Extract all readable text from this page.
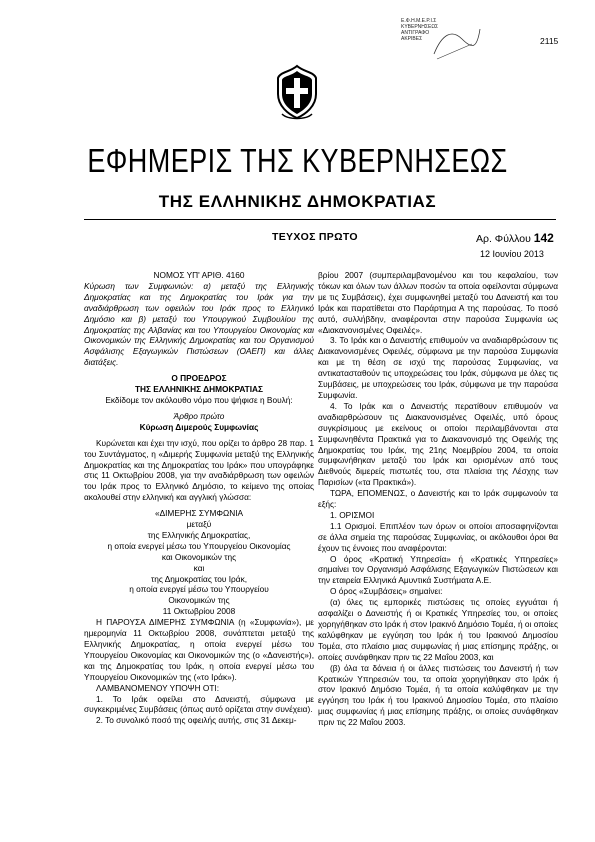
Ε.Φ.Η.Μ.Ε.Ρ.Ι.Σ
ΚΥΒΕΡΝΗΣΕΩΣ
ΑΝΤΙΓΡΑΦΟ
ΑΚΡΙΒΕΣ	2115
ΕΦΗΜΕΡΙΣ ΤΗΣ ΚΥΒΕΡΝΗΣΕΩΣ
ΤΗΣ ΕΛΛΗΝΙΚΗΣ ΔΗΜΟΚΡΑΤΙΑΣ
ΤΕΥΧΟΣ ΠΡΩΤΟ	Αρ. Φύλλου 142
12 Ιουνίου 2013

ΝΟΜΟΣ ΥΠ' ΑΡΙΘ. 4160

Κύρωση των Συμφωνιών: α) μεταξύ της Ελληνικής Δημοκρατίας και της Δημοκρατίας του Ιράκ για την αναδιάρθρωση των οφειλών του Ιράκ προς το Ελληνικό Δημόσιο και β) μεταξύ του Υπουργικού Συμβουλίου της Δημοκρατίας της Αλβανίας και του Υπουργείου Οικονομίας και Οικονομικών της Ελληνικής Δημοκρατίας και του Οργανισμού Ασφάλισης Εξαγωγικών Πιστώσεων (ΟΑΕΠ) και άλλες διατάξεις.

Ο ΠΡΟΕΔΡΟΣ

ΤΗΣ ΕΛΛΗΝΙΚΗΣ ΔΗΜΟΚΡΑΤΙΑΣ

Εκδίδομε τον ακόλουθο νόμο που ψήφισε η Βουλή:

Άρθρο πρώτο

Κύρωση Διμερούς Συμφωνίας

Κυρώνεται και έχει την ισχύ, που ορίζει το άρθρο 28 παρ. 1 του Συντάγματος, η «Διμερής Συμφωνία μεταξύ της Ελληνικής Δημοκρατίας και της Δημοκρατίας του Ιράκ» που υπογράφηκε στις 11 Οκτωβρίου 2008, για την αναδιάρθρωση των οφειλών του Ιράκ προς το Ελληνικό Δημόσιο, το κείμενο της οποίας ακολουθεί στην ελληνική και αγγλική γλώσσα:

«ΔΙΜΕΡΗΣ ΣΥΜΦΩΝΙΑ

μεταξύ

της Ελληνικής Δημοκρατίας,

η οποία ενεργεί μέσω του Υπουργείου Οικονομίας

και Οικονομικών της

και

της Δημοκρατίας του Ιράκ,

η οποία ενεργεί μέσω του Υπουργείου

Οικονομικών της

11 Οκτωβρίου 2008

Η ΠΑΡΟΥΣΑ ΔΙΜΕΡΗΣ ΣΥΜΦΩΝΙΑ (η «Συμφωνία»), με ημερομηνία 11 Οκτωβρίου 2008, συνάπτεται μεταξύ της Ελληνικής Δημοκρατίας, η οποία ενεργεί μέσω του Υπουργείου Οικονομίας και Οικονομικών της (ο «Δανειστής»), και της Δημοκρατίας του Ιράκ, η οποία ενεργεί μέσω του Υπουργείου Οικονομικών της («το Ιράκ»).

ΛΑΜΒΑΝΟΜΕΝΟΥ ΥΠΟΨΗ ΟΤΙ:

1. Το Ιράκ οφείλει στο Δανειστή, σύμφωνα με συγκεκριμένες Συμβάσεις (όπως αυτό ορίζεται στην συνέχεια).

2. Το συνολικό ποσό της οφειλής αυτής, στις 31 Δεκεμ-

βρίου 2007 (συμπεριλαμβανομένου και του κεφαλαίου, των τόκων και όλων των άλλων ποσών τα οποία οφείλονται σύμφωνα με τις Συμβάσεις), έχει συμφωνηθεί μεταξύ του Δανειστή και του Ιράκ και παρατίθεται στο Παράρτημα Α της παρούσας. Το ποσό αυτό, συλλήβδην, αναφέρονται στην παρούσα Συμφωνία ως «Διακανονισμένες Οφειλές».

3. Το Ιράκ και ο Δανειστής επιθυμούν να αναδιαρθρώσουν τις Διακανονισμένες Οφειλές, σύμφωνα με την παρούσα Συμφωνία και με τη θέση σε ισχύ της παρούσας Συμφωνίας, να αντικατασταθούν τις υποχρεώσεις του Ιράκ, σύμφωνα με όλες τις Συμβάσεις, με υποχρεώσεις του Ιράκ, σύμφωνα με την παρούσα Συμφωνία.

4. Το Ιράκ και ο Δανειστής περατίθουν επιθυμούν να αναδιαρθρώσουν τις Διακανονισμένες Οφειλές, υπό όρους συγκρίσιμους με εκείνους οι οποίοι περιλαμβάνονται στα Συμφωνηθέντα Πρακτικά για το Διακανονισμό της Οφειλής της Δημοκρατίας του Ιράκ, της 21ης Νοεμβρίου 2004, τα οποία συμφωνήθηκαν μεταξύ του Ιράκ και ορισμένων από τους Διεθνούς διμερείς πιστωτές του, στα πλαίσια της Λέσχης των Παρισίων («τα Πρακτικά»).

ΤΩΡΑ, ΕΠΟΜΕΝΩΣ, ο Δανειστής και το Ιράκ συμφωνούν τα εξής:

1. ΟΡΙΣΜΟΙ

1.1 Ορισμοί. Επιπλέον των όρων οι οποίοι αποσαφηνίζονται σε άλλα σημεία της παρούσας Συμφωνίας, οι ακόλουθοι όροι θα έχουν τις έννοιες που αναφέρονται:

Ο όρος «Κρατική Υπηρεσία» ή «Κρατικές Υπηρεσίες» σημαίνει τον Οργανισμό Ασφάλισης Εξαγωγικών Πιστώσεων και την εταιρεία Ελληνικά Αμυντικά Συστήματα Α.Ε.

Ο όρος «Συμβάσεις» σημαίνει:

(α) όλες τις εμπορικές πιστώσεις τις οποίες εγγυάται ή ασφαλίζει ο Δανειστής ή οι Κρατικές Υπηρεσίες του, οι οποίες χορηγήθηκαν στο Ιράκ ή στον Ιρακινό Δημόσιο Τομέα, ή οι οποίες καλύφθηκαν με εγγύηση του Ιράκ ή του Ιρακινού Δημοσίου Τομέα, στο πλαίσιο μιας συμφωνίας ή μιας επίσημης πράξης, οι οποίες συνάφθηκαν πριν τις 22 Μαΐου 2003, και

(β) όλα τα δάνεια ή οι άλλες πιστώσεις του Δανειστή ή των Κρατικών Υπηρεσιών του, τα οποία χορηγήθηκαν στο Ιράκ ή στον Ιρακινό Δημόσιο Τομέα, ή τα οποία καλύφθηκαν με την εγγύηση του Ιράκ ή του Ιρακινού Δημοσίου Τομέα, στο πλαίσιο μιας συμφωνίας ή μιας επίσημης πράξης, οι οποίες συνάφθηκαν πριν τις 22 Μαΐου 2003.
